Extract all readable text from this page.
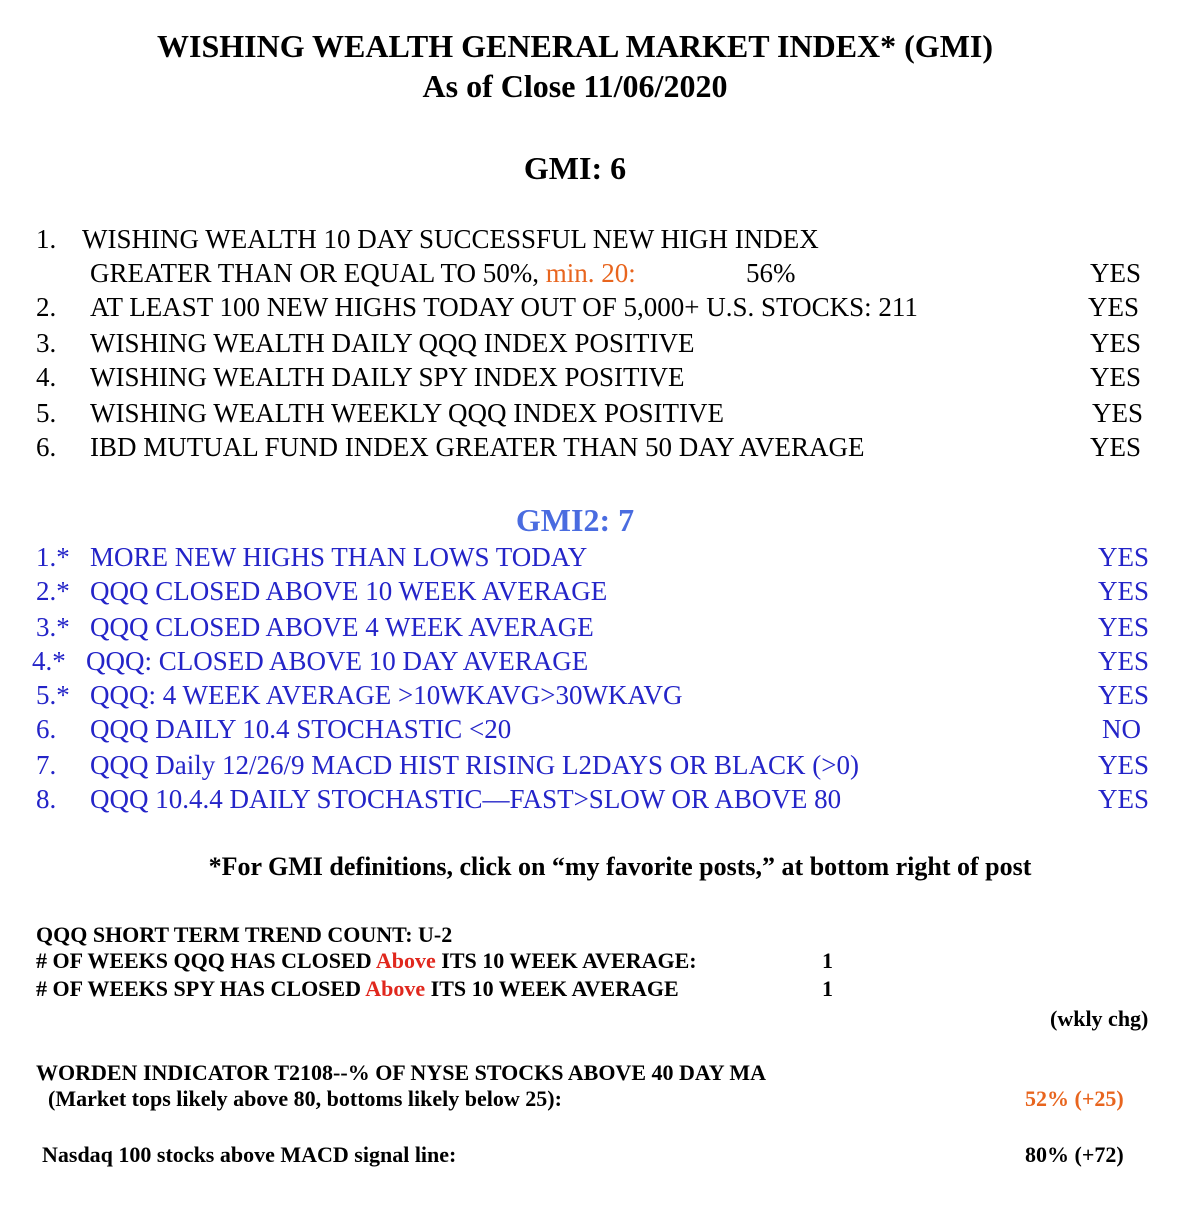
WISHING WEALTH GENERAL MARKET INDEX* (GMI)
As of Close 11/06/2020
GMI: 6
1. WISHING WEALTH 10 DAY SUCCESSFUL NEW HIGH INDEX
GREATER THAN OR EQUAL TO 50%, min. 20:	56%	YES
2. AT LEAST 100 NEW HIGHS TODAY OUT OF 5,000+ U.S. STOCKS: 211	YES
3. WISHING WEALTH DAILY QQQ INDEX POSITIVE	YES
4. WISHING WEALTH DAILY SPY INDEX POSITIVE	YES
5. WISHING WEALTH WEEKLY QQQ INDEX POSITIVE	YES
6. IBD MUTUAL FUND INDEX GREATER THAN 50 DAY AVERAGE	YES
GMI2: 7
1.* MORE NEW HIGHS THAN LOWS TODAY	YES
2.* QQQ CLOSED ABOVE 10 WEEK AVERAGE	YES
3.* QQQ CLOSED ABOVE 4 WEEK AVERAGE	YES
4.* QQQ: CLOSED ABOVE 10 DAY AVERAGE	YES
5.* QQQ: 4 WEEK AVERAGE >10WKAVG>30WKAVG	YES
6. QQQ DAILY 10.4 STOCHASTIC <20	NO
7. QQQ Daily 12/26/9 MACD HIST RISING L2DAYS OR BLACK (>0)	YES
8. QQQ 10.4.4 DAILY STOCHASTIC—FAST>SLOW OR ABOVE 80	YES
*For GMI definitions, click on “my favorite posts,” at bottom right of post
QQQ SHORT TERM TREND COUNT: U-2
# OF WEEKS QQQ HAS CLOSED Above ITS 10 WEEK AVERAGE:	1
# OF WEEKS SPY HAS CLOSED Above ITS 10 WEEK AVERAGE	1
(wkly chg)
WORDEN INDICATOR T2108--% OF NYSE STOCKS ABOVE 40 DAY MA
(Market tops likely above 80, bottoms likely below 25):	52% (+25)
Nasdaq 100 stocks above MACD signal line:	80% (+72)
